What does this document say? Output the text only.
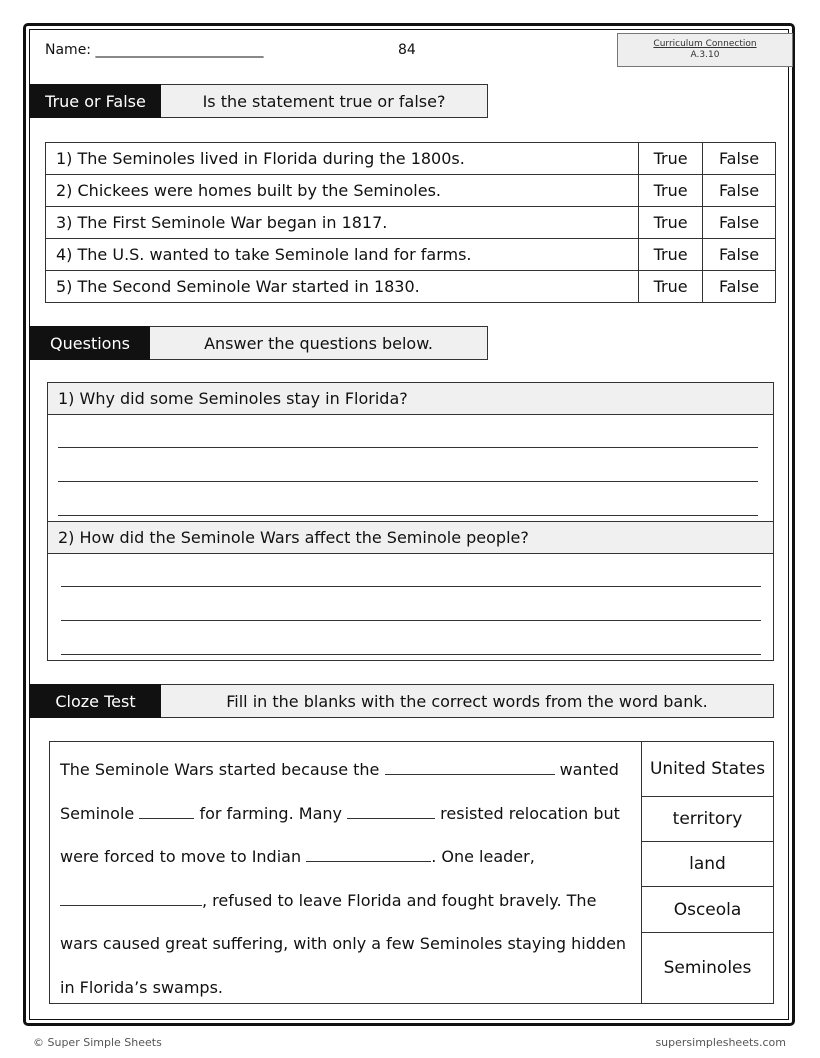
Name: ________________________	84	Curriculum Connection
A.3.10
True or False	Is the statement true or false?
1) The Seminoles lived in Florida during the 1800s.	True	False
2) Chickees were homes built by the Seminoles.	True	False
3) The First Seminole War began in 1817.	True	False
4) The U.S. wanted to take Seminole land for farms.	True	False
5) The Second Seminole War started in 1830.	True	False
Questions	Answer the questions below.
1) Why did some Seminoles stay in Florida?
2) How did the Seminole Wars affect the Seminole people?
Cloze Test	Fill in the blanks with the correct words from the word bank.
The Seminole Wars started because the	wanted Seminole	for farming. Many	resisted relocation but were forced to move to Indian	. One leader, , refused to leave Florida and fought bravely. The wars caused great suffering, with only a few Seminoles staying hidden in Florida’s swamps.
United States
territory
land
Osceola
Seminoles
© Super Simple Sheets	supersimplesheets.com
